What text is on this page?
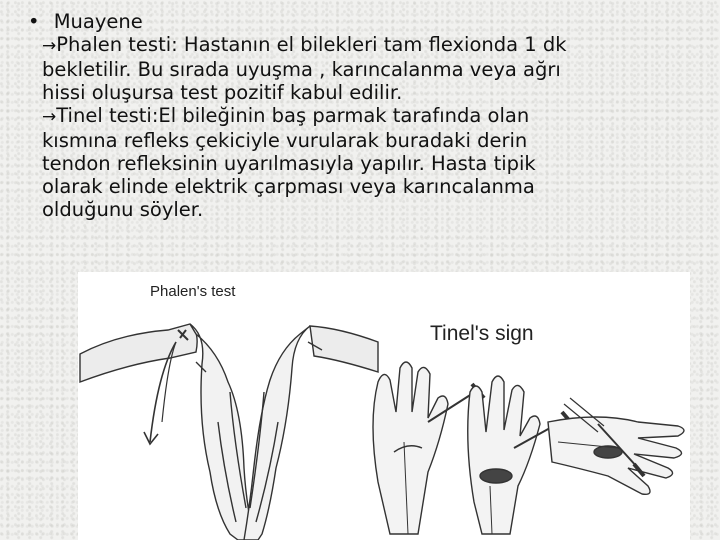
• Muayene
→Phalen testi: Hastanın el bilekleri tam flexionda 1 dk
bekletilir. Bu sırada uyuşma , karıncalanma veya ağrı
hissi oluşursa test pozitif kabul edilir.
→Tinel testi:El bileğinin baş parmak tarafında olan
kısmına refleks çekiciyle vurularak buradaki derin
tendon refleksinin uyarılmasıyla yapılır. Hasta tipik
olarak elinde elektrik çarpması veya karıncalanma
olduğunu söyler.
Phalen's test
Tinel's sign
